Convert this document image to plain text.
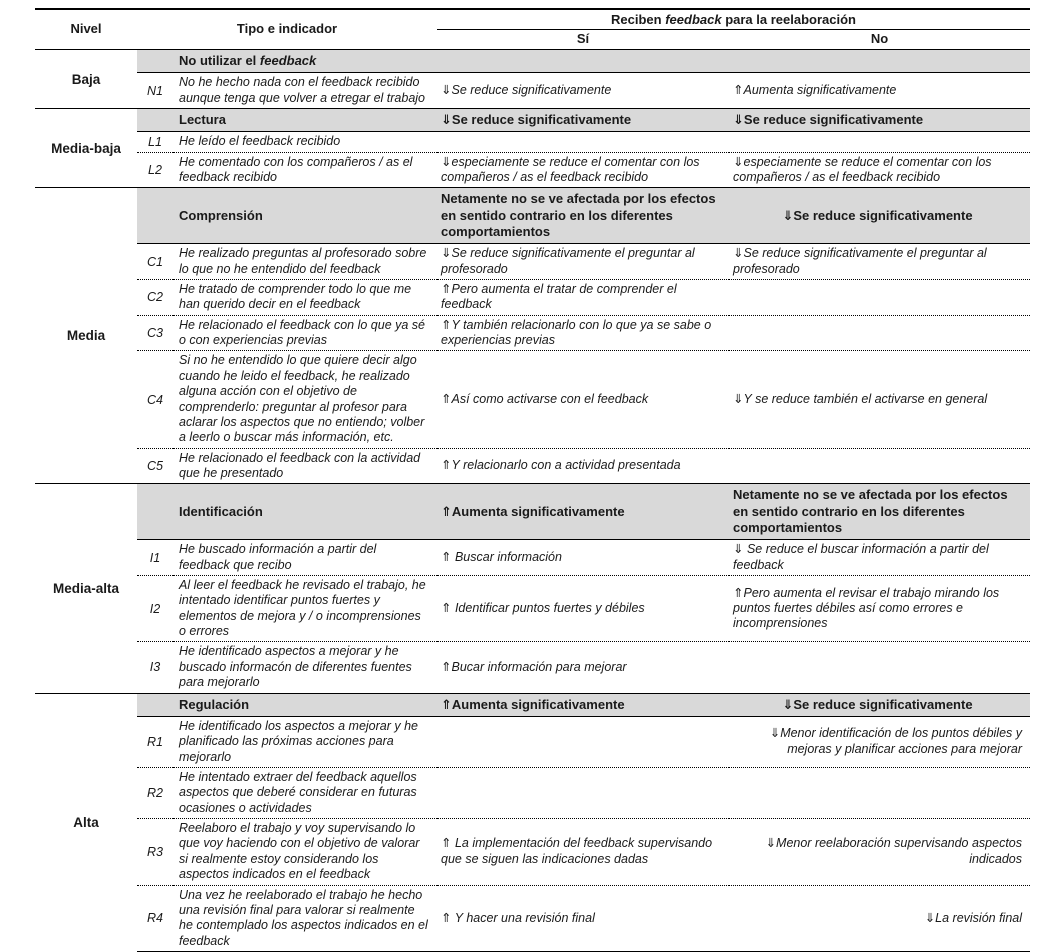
Nivel	Tipo e indicador		Reciben feedback para la reelaboración	
			Sí	No
Baja		No utilizar el feedback		
	N1	No he hecho nada con el feedback recibido aunque tenga que volver a etregar el trabajo	⇓Se reduce significativamente	⇑Aumenta significativamente
Media-baja		Lectura	⇓Se reduce significativamente	⇓Se reduce significativamente
	L1	He leído el feedback recibido		
	L2	He comentado con los compañeros / as el feedback recibido	⇓especiamente se reduce el comentar con los compañeros / as el feedback recibido	⇓especiamente se reduce el comentar con los compañeros / as el feedback recibido
Media		Comprensión	Netamente no se ve afectada por los efectos en sentido contrario en los diferentes comportamientos	⇓Se reduce significativamente
	C1	He realizado preguntas al profesorado sobre lo que no he entendido del feedback	⇓Se reduce significativamente el preguntar al profesorado	⇓Se reduce significativamente el preguntar al profesorado
	C2	He tratado de comprender todo lo que me han querido decir en el feedback	⇑Pero aumenta el tratar de comprender el feedback	
	C3	He relacionado el feedback con lo que ya sé o con experiencias previas	⇑Y también relacionarlo con lo que ya se sabe o experiencias previas	
	C4	Si no he entendido lo que quiere decir algo cuando he leido el feedback, he realizado alguna acción con el objetivo de comprenderlo: preguntar al profesor para aclarar los aspectos que no entiendo; volber a leerlo o buscar más información, etc.	⇑Así como activarse con el feedback	⇓Y se reduce también el activarse en general
	C5	He relacionado el feedback con la actividad que he presentado	⇑Y relacionarlo con a actividad presentada	
Media-alta		Identificación	⇑Aumenta significativamente	Netamente no se ve afectada por los efectos en sentido contrario en los diferentes comportamientos
	I1	He buscado información a partir del feedback que recibo	⇑ Buscar información	⇓ Se reduce el buscar información a partir del feedback
	I2	Al leer el feedback he revisado el trabajo, he intentado identificar puntos fuertes y elementos de mejora y / o incomprensiones o errores	⇑ Identificar puntos fuertes y débiles	⇑Pero aumenta el revisar el trabajo mirando los puntos fuertes débiles así como errores e incomprensiones
	I3	He identificado aspectos a mejorar y he buscado informacón de diferentes fuentes para mejorarlo	⇑Bucar información para mejorar	
Alta		Regulación	⇑Aumenta significativamente	⇓Se reduce significativamente
	R1	He identificado los aspectos a mejorar y he planificado las próximas acciones para mejorarlo		⇓Menor identificación de los puntos débiles y mejoras y planificar acciones para mejorar
	R2	He intentado extraer del feedback aquellos aspectos que deberé considerar en futuras ocasiones o actividades		
	R3	Reelaboro el trabajo y voy supervisando lo que voy haciendo con el objetivo de valorar si realmente estoy considerando los aspectos indicados en el feedback	⇑ La implementación del feedback supervisando que se siguen las indicaciones dadas	⇓Menor reelaboración supervisando aspectos indicados
	R4	Una vez he reelaborado el trabajo he hecho una revisión final para valorar si realmente he contemplado los aspectos indicados en el feedback	⇑ Y hacer una revisión final	⇓La revisión final
